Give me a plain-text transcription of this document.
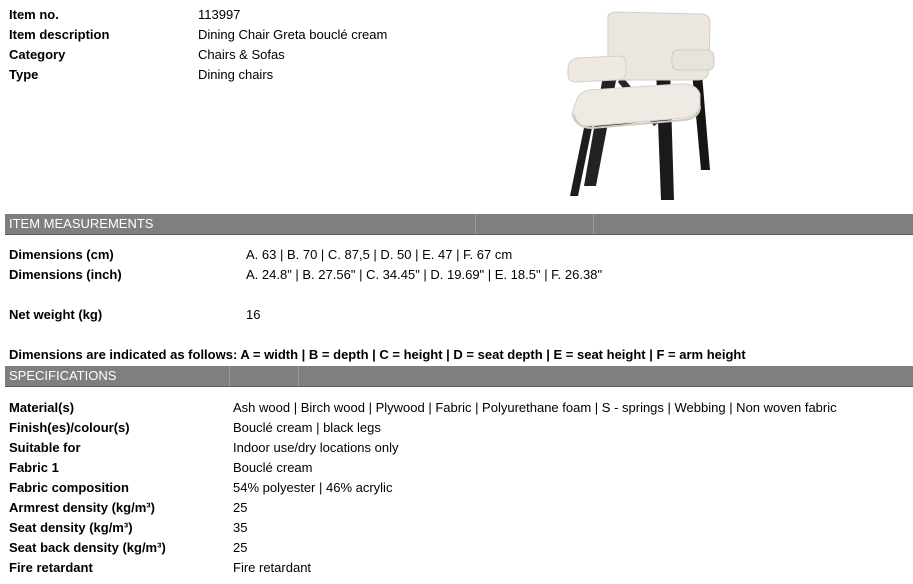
Item no.	113997
Item description	Dining Chair Greta bouclé cream
Category	Chairs & Sofas
Type	Dining chairs
ITEM MEASUREMENTS
Dimensions (cm)	A. 63 | B. 70 | C. 87,5 | D. 50 | E. 47 | F. 67 cm
Dimensions (inch)	A. 24.8" | B. 27.56" | C. 34.45" | D. 19.69" | E. 18.5" | F. 26.38"
Net weight (kg)	16
Dimensions are indicated as follows: A = width | B = depth | C = height | D = seat depth | E = seat height | F = arm height
SPECIFICATIONS
Material(s)	Ash wood | Birch wood | Plywood | Fabric | Polyurethane foam | S - springs | Webbing | Non woven fabric
Finish(es)/colour(s)	Bouclé cream | black legs
Suitable for	Indoor use/dry locations only
Fabric 1	Bouclé cream
Fabric composition	54% polyester | 46% acrylic
Armrest density (kg/m³)	25
Seat density (kg/m³)	35
Seat back density (kg/m³)	25
Fire retardant	Fire retardant
